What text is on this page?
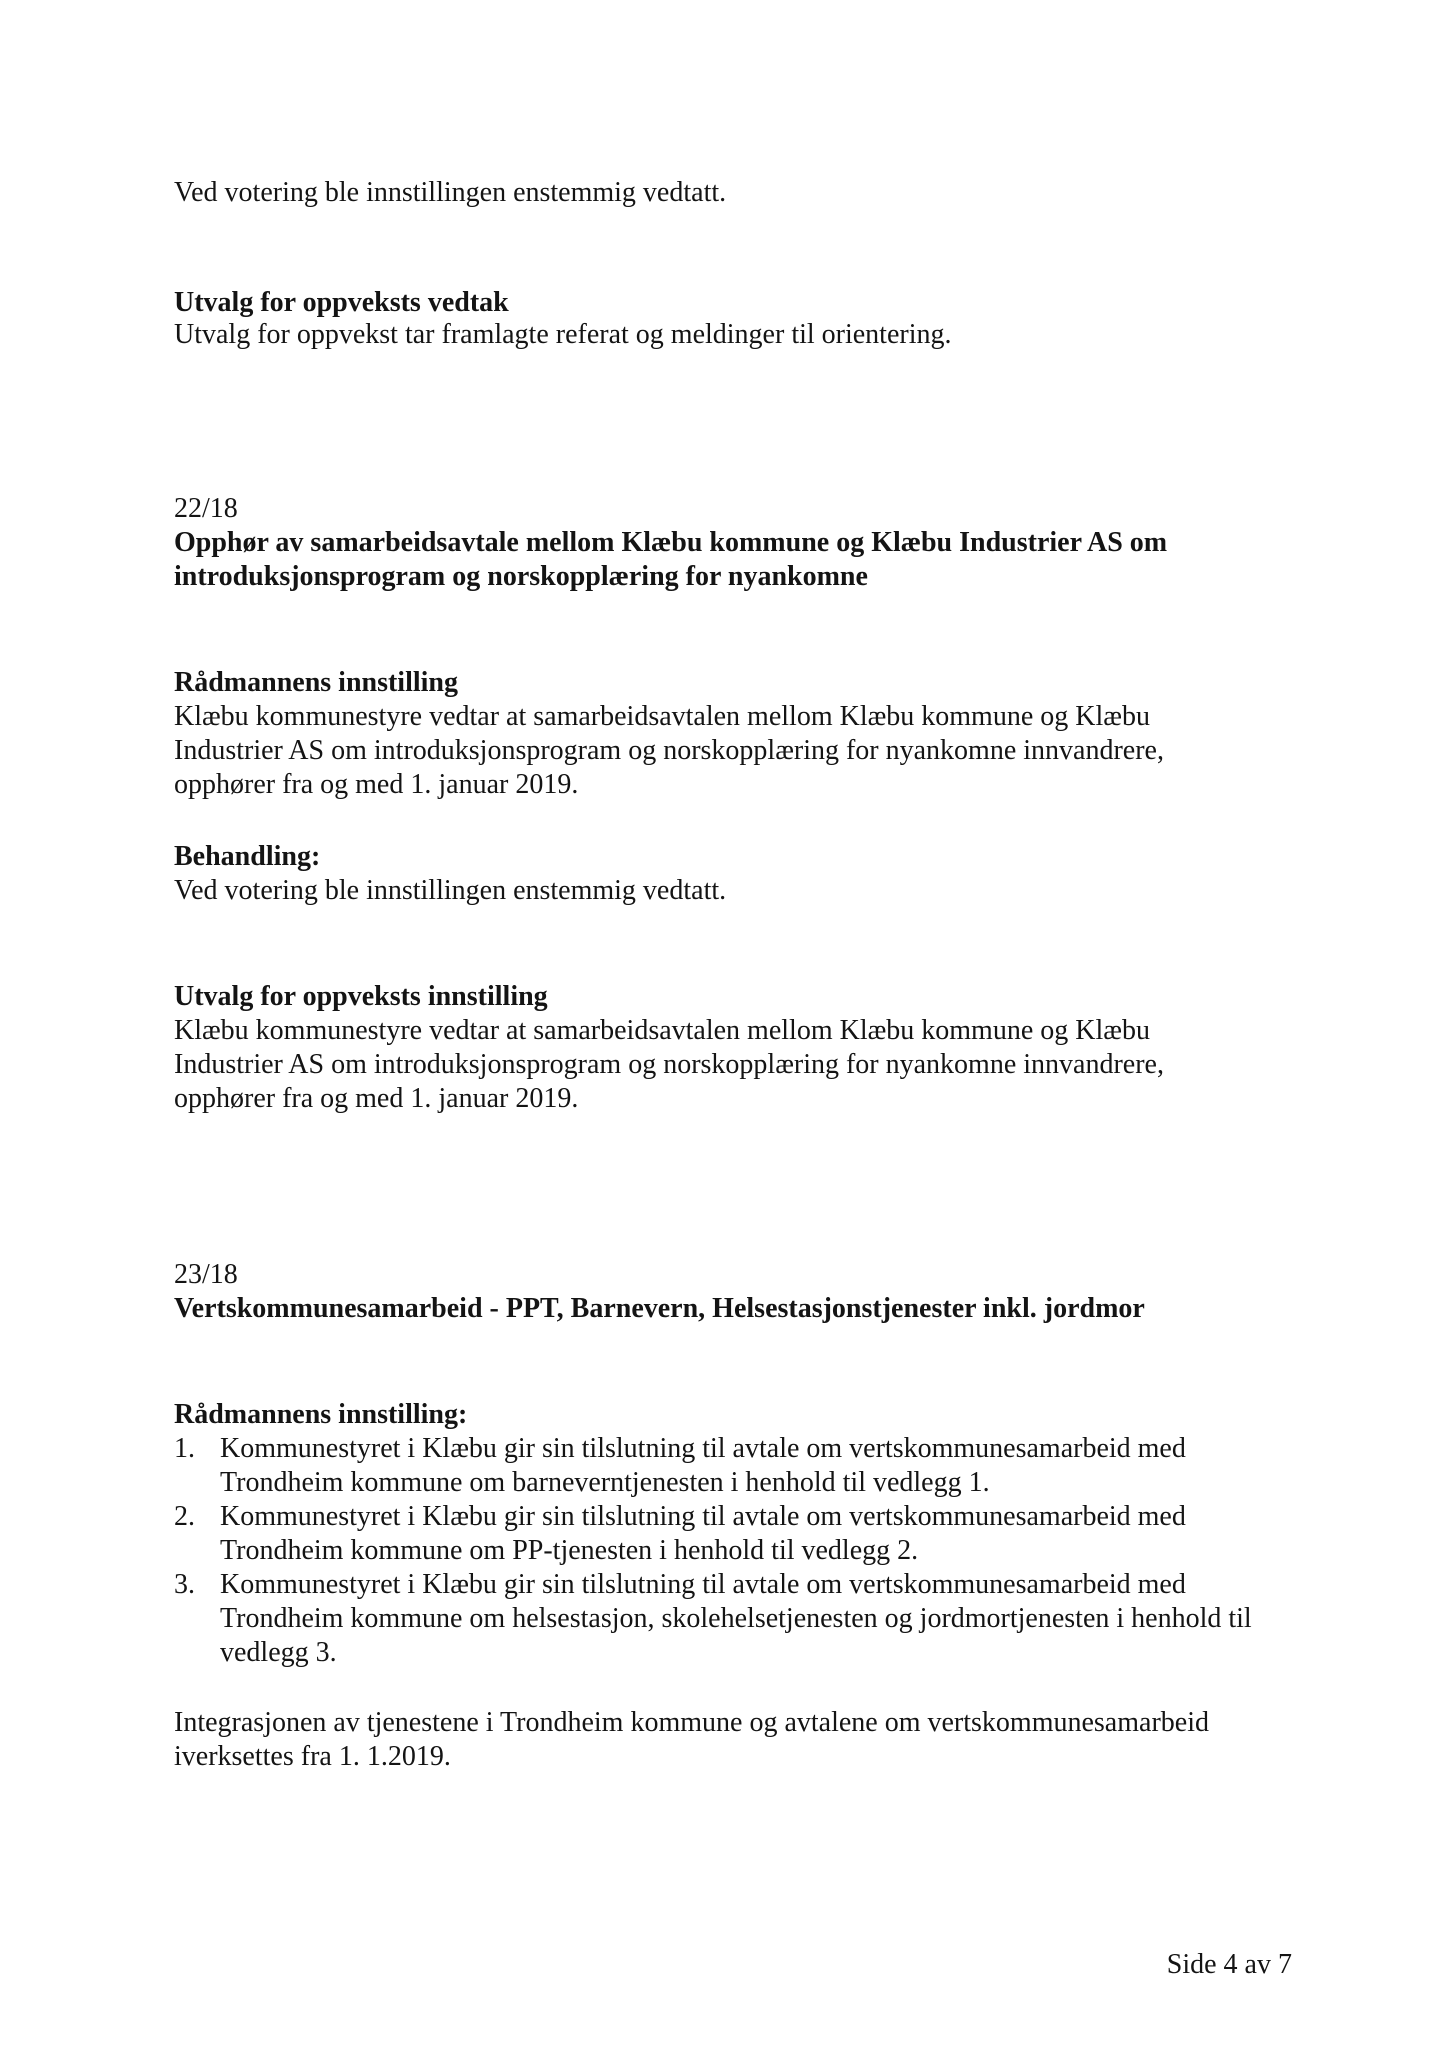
Ved votering ble innstillingen enstemmig vedtatt.

Utvalg for oppveksts vedtak

Utvalg for oppvekst tar framlagte referat og meldinger til orientering.

22/18

Opphør av samarbeidsavtale mellom Klæbu kommune og Klæbu Industrier AS om introduksjonsprogram og norskopplæring for nyankomne

Rådmannens innstilling

Klæbu kommunestyre vedtar at samarbeidsavtalen mellom Klæbu kommune og Klæbu Industrier AS om introduksjonsprogram og norskopplæring for nyankomne innvandrere, opphører fra og med 1. januar 2019.

Behandling:

Ved votering ble innstillingen enstemmig vedtatt.

Utvalg for oppveksts innstilling

Klæbu kommunestyre vedtar at samarbeidsavtalen mellom Klæbu kommune og Klæbu Industrier AS om introduksjonsprogram og norskopplæring for nyankomne innvandrere, opphører fra og med 1. januar 2019.

23/18

Vertskommunesamarbeid - PPT, Barnevern, Helsestasjonstjenester inkl. jordmor

Rådmannens innstilling:

1. Kommunestyret i Klæbu gir sin tilslutning til avtale om vertskommunesamarbeid med Trondheim kommune om barneverntjenesten i henhold til vedlegg 1.
2. Kommunestyret i Klæbu gir sin tilslutning til avtale om vertskommunesamarbeid med Trondheim kommune om PP-tjenesten i henhold til vedlegg 2.
3. Kommunestyret i Klæbu gir sin tilslutning til avtale om vertskommunesamarbeid med Trondheim kommune om helsestasjon, skolehelsetjenesten og jordmortjenesten i henhold til vedlegg 3.

Integrasjonen av tjenestene i Trondheim kommune og avtalene om vertskommunesamarbeid iverksettes fra 1. 1.2019.

Side 4 av 7
